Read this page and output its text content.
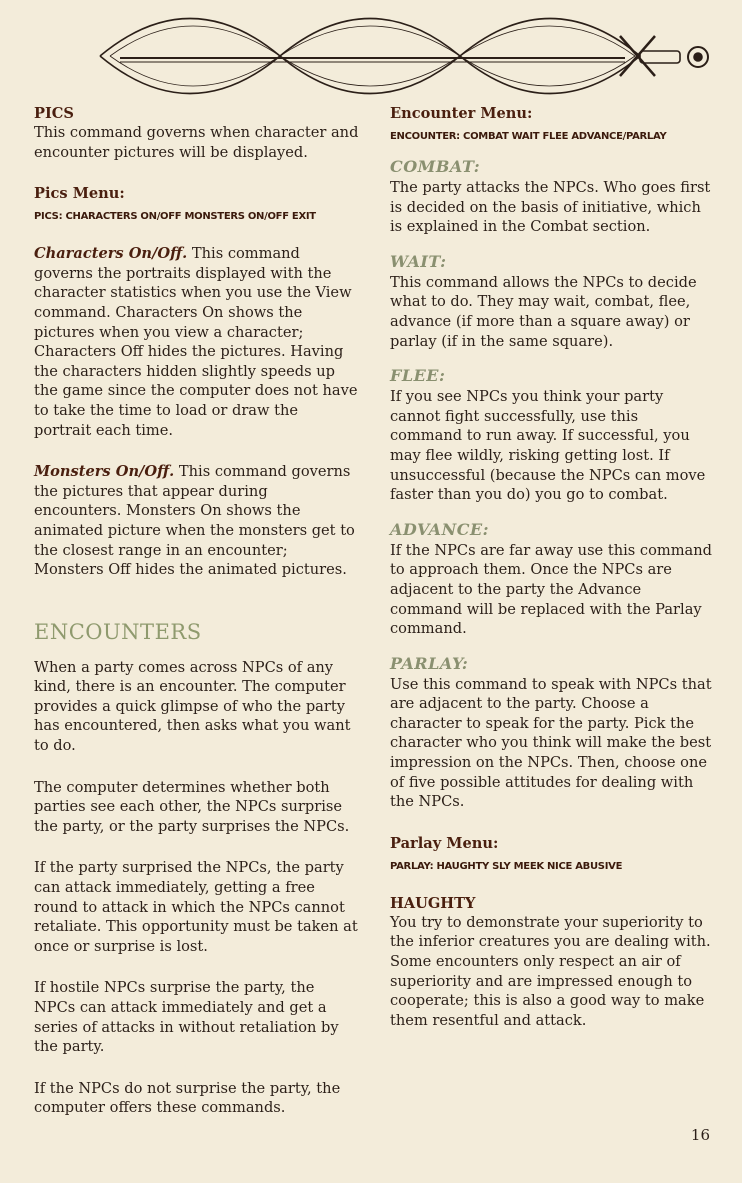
PICS

This command governs when character and encounter pictures will be displayed.

Pics Menu:
PICS: CHARACTERS ON/OFF MONSTERS ON/OFF EXIT

Characters On/Off. This command governs the portraits displayed with the character statistics when you use the View command. Characters On shows the pictures when you view a character; Characters Off hides the pictures. Having the characters hidden slightly speeds up the game since the computer does not have to take the time to load or draw the portrait each time.

Monsters On/Off. This command governs the pictures that appear during encounters. Monsters On shows the animated picture when the monsters get to the closest range in an encounter; Monsters Off hides the animated pictures.

ENCOUNTERS

When a party comes across NPCs of any kind, there is an encounter. The computer provides a quick glimpse of who the party has encountered, then asks what you want to do.

The computer determines whether both parties see each other, the NPCs surprise the party, or the party surprises the NPCs.

If the party surprised the NPCs, the party can attack immediately, getting a free round to attack in which the NPCs cannot retaliate. This opportunity must be taken at once or surprise is lost.

If hostile NPCs surprise the party, the NPCs can attack immediately and get a series of attacks in without retaliation by the party.

If the NPCs do not surprise the party, the computer offers these commands.

Encounter Menu:
ENCOUNTER: COMBAT WAIT FLEE ADVANCE/PARLAY
COMBAT:

The party attacks the NPCs. Who goes first is decided on the basis of initiative, which is explained in the Combat section.

WAIT:

This command allows the NPCs to decide what to do. They may wait, combat, flee, advance (if more than a square away) or parlay (if in the same square).

FLEE:

If you see NPCs you think your party cannot fight successfully, use this command to run away. If successful, you may flee wildly, risking getting lost. If unsuccessful (because the NPCs can move faster than you do) you go to combat.

ADVANCE:

If the NPCs are far away use this command to approach them. Once the NPCs are adjacent to the party the Advance command will be replaced with the Parlay command.

PARLAY:

Use this command to speak with NPCs that are adjacent to the party. Choose a character to speak for the party. Pick the character who you think will make the best impression on the NPCs. Then, choose one of five possible attitudes for dealing with the NPCs.

Parlay Menu:
PARLAY: HAUGHTY SLY MEEK NICE ABUSIVE
HAUGHTY

You try to demonstrate your superiority to the inferior creatures you are dealing with. Some encounters only respect an air of superiority and are impressed enough to cooperate; this is also a good way to make them resentful and attack.

16
